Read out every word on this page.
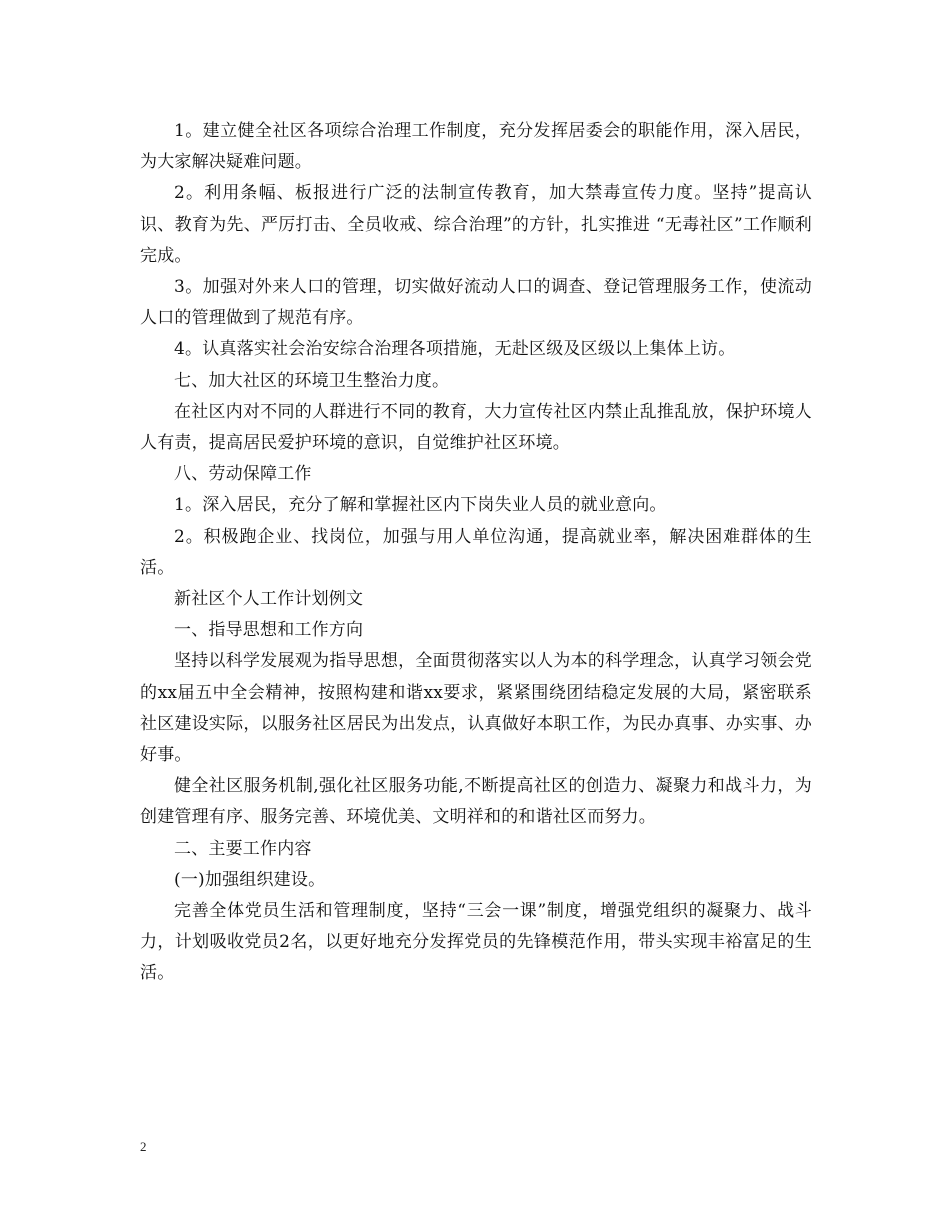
1。建立健全社区各项综合治理工作制度，充分发挥居委会的职能作用，深入居民，为大家解决疑难问题。

2。利用条幅、板报进行广泛的法制宣传教育，加大禁毒宣传力度。坚持”提高认识、教育为先、严厉打击、全员收戒、综合治理”的方针，扎实推进 “无毒社区”工作顺利完成。

3。加强对外来人口的管理，切实做好流动人口的调查、登记管理服务工作，使流动人口的管理做到了规范有序。

4。认真落实社会治安综合治理各项措施，无赴区级及区级以上集体上访。

七、加大社区的环境卫生整治力度。

在社区内对不同的人群进行不同的教育，大力宣传社区内禁止乱推乱放，保护环境人人有责，提高居民爱护环境的意识，自觉维护社区环境。

八、劳动保障工作

1。深入居民，充分了解和掌握社区内下岗失业人员的就业意向。

2。积极跑企业、找岗位，加强与用人单位沟通，提高就业率，解决困难群体的生活。

新社区个人工作计划例文

一、指导思想和工作方向

坚持以科学发展观为指导思想，全面贯彻落实以人为本的科学理念，认真学习领会党的xx届五中全会精神，按照构建和谐xx要求，紧紧围绕团结稳定发展的大局，紧密联系社区建设实际，以服务社区居民为出发点，认真做好本职工作，为民办真事、办实事、办好事。

健全社区服务机制,强化社区服务功能,不断提高社区的创造力、凝聚力和战斗力，为创建管理有序、服务完善、环境优美、文明祥和的和谐社区而努力。

二、主要工作内容

(一)加强组织建设。

完善全体党员生活和管理制度，坚持“三会一课”制度，增强党组织的凝聚力、战斗力，计划吸收党员2名，以更好地充分发挥党员的先锋模范作用，带头实现丰裕富足的生活。

2
